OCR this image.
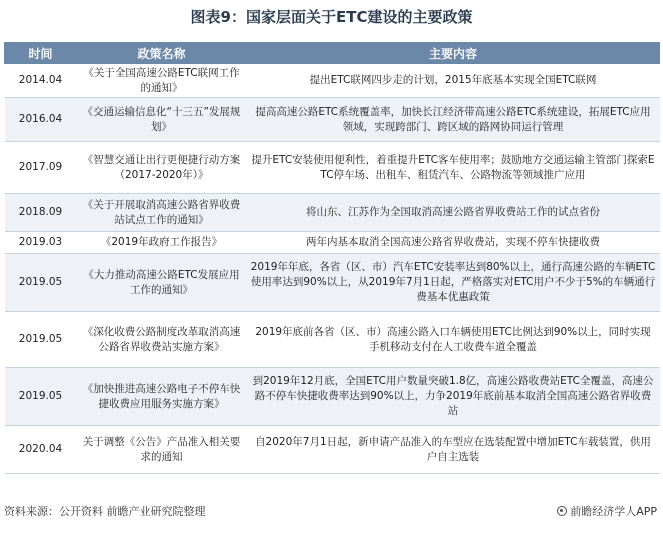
图表9：国家层面关于ETC建设的主要政策
时间	政策名称	主要内容
2014.04	《关于全国高速公路ETC联网工作的通知》	提出ETC联网四步走的计划，2015年底基本实现全国ETC联网
2016.04	《交通运输信息化“十三五”发展规划》	提高高速公路ETC系统覆盖率，加快长江经济带高速公路ETC系统建设，拓展ETC应用领域，实现跨部门、跨区域的路网协同运行管理
2017.09	《智慧交通让出行更便捷行动方案（2017-2020年）》	提升ETC安装使用便利性，着重提升ETC客车使用率；鼓励地方交通运输主管部门探索ETC停车场、出租车、租赁汽车、公路物流等领域推广应用
2018.09	《关于开展取消高速公路省界收费站试点工作的通知》	将山东、江苏作为全国取消高速公路省界收费站工作的试点省份
2019.03	《2019年政府工作报告》	两年内基本取消全国高速公路省界收费站，实现不停车快捷收费
2019.05	《大力推动高速公路ETC发展应用工作的通知》	2019年年底，各省（区、市）汽车ETC安装率达到80%以上，通行高速公路的车辆ETC使用率达到90%以上，从2019年7月1日起，严格落实对ETC用户不少于5%的车辆通行费基本优惠政策
2019.05	《深化收费公路制度改革取消高速公路省界收费站实施方案》	2019年底前各省（区、市）高速公路入口车辆使用ETC比例达到90%以上，同时实现手机移动支付在人工收费车道全覆盖
2019.05	《加快推进高速公路电子不停车快捷收费应用服务实施方案》	到2019年12月底，全国ETC用户数量突破1.8亿，高速公路收费站ETC全覆盖，高速公路不停车快捷收费率达到90%以上，力争2019年底前基本取消全国高速公路省界收费站
2020.04	关于调整《公告》产品准入相关要求的通知	自2020年7月1日起，新申请产品准入的车型应在选装配置中增加ETC车载装置，供用户自主选装
资料来源：公开资料 前瞻产业研究院整理	前瞻经济学人APP
